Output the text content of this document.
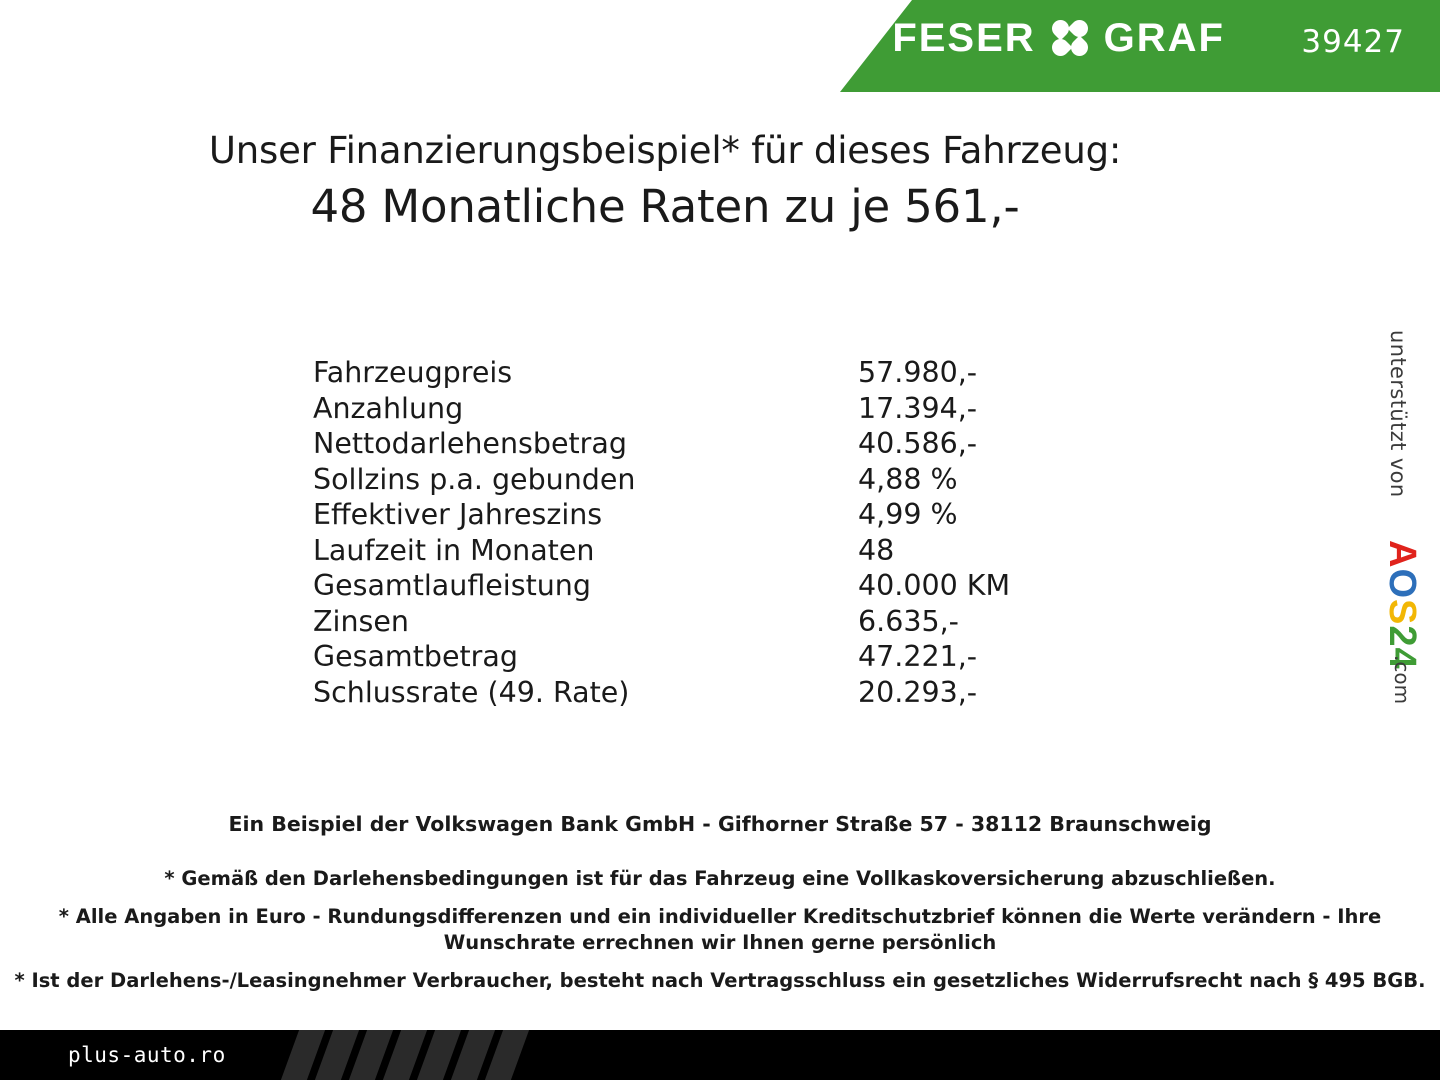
FESER GRAF 39427
Unser Finanzierungsbeispiel* für dieses Fahrzeug:
48 Monatliche Raten zu je 561,-
Fahrzeugpreis	57.980,-
Anzahlung	17.394,-
Nettodarlehensbetrag	40.586,-
Sollzins p.a. gebunden	4,88 %
Effektiver Jahreszins	4,99 %
Laufzeit in Monaten	48
Gesamtlaufleistung	40.000 KM
Zinsen	6.635,-
Gesamtbetrag	47.221,-
Schlussrate (49. Rate)	20.293,-
unterstützt von
AOS24
.com
Ein Beispiel der Volkswagen Bank GmbH - Gifhorner Straße 57 - 38112 Braunschweig
* Gemäß den Darlehensbedingungen ist für das Fahrzeug eine Vollkaskoversicherung abzuschließen.
* Alle Angaben in Euro - Rundungsdifferenzen und ein individueller Kreditschutzbrief können die Werte verändern - Ihre Wunschrate errechnen wir Ihnen gerne persönlich
* Ist der Darlehens-/Leasingnehmer Verbraucher, besteht nach Vertragsschluss ein gesetzliches Widerrufsrecht nach § 495 BGB.
plus-auto.ro
